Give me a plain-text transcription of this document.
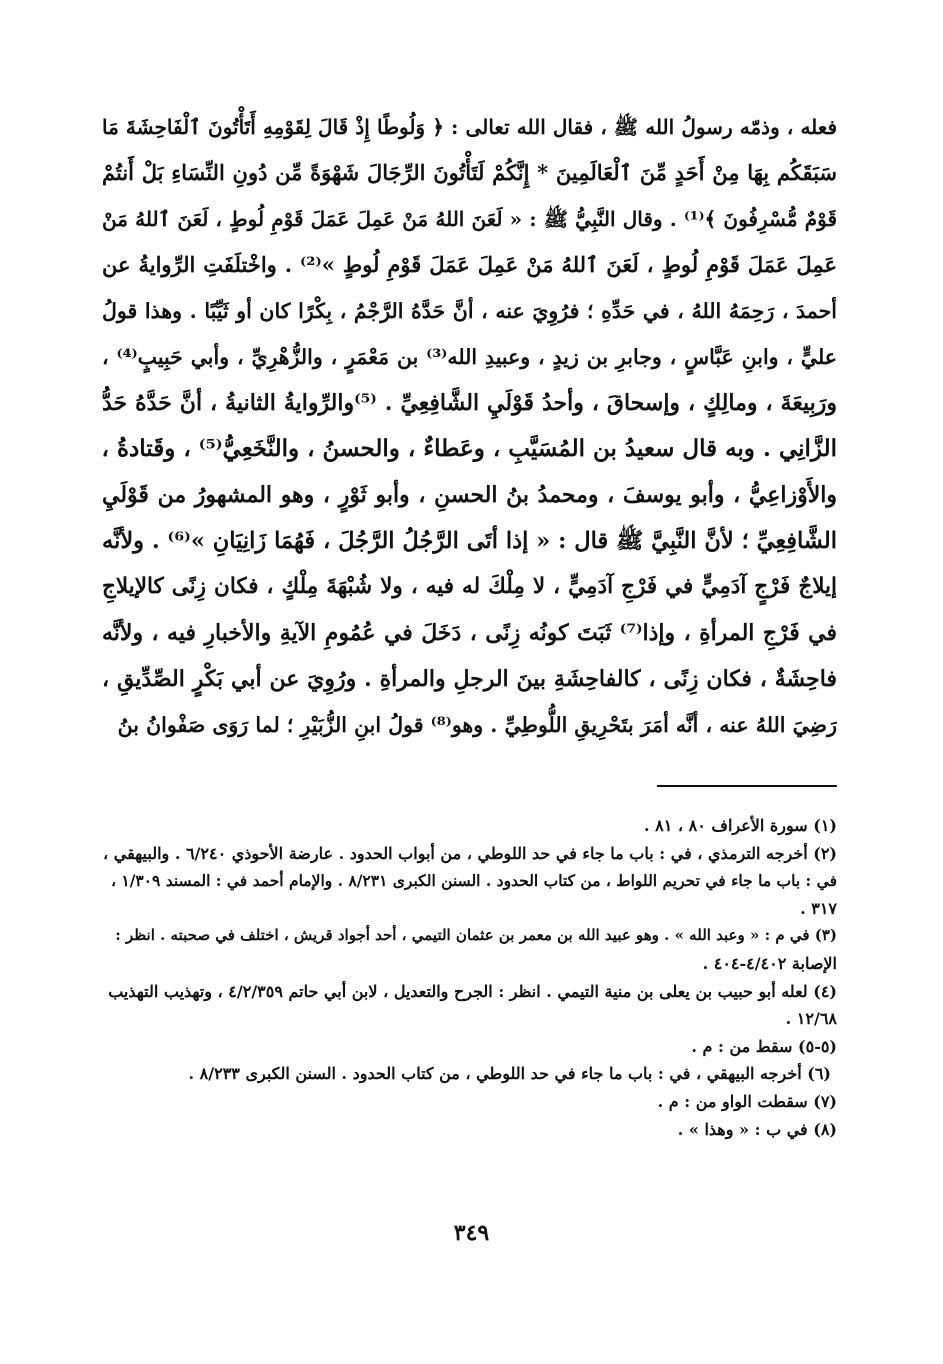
فعله ، وذمّه رسولُ الله ﷺ ، فقال الله تعالى : ﴿ وَلُوطًا إِذْ قَالَ لِقَوْمِهِ أَتَأْتُونَ ٱلْفَاحِشَةَ مَا
سَبَقَكُم بِهَا مِنْ أَحَدٍ مِّنَ ٱلْعَالَمِينَ * إِنَّكُمْ لَتَأْتُونَ الرِّجَالَ شَهْوَةً مِّن دُونِ النِّسَاءِ بَلْ أَنتُمْ
قَوْمٌ مُّسْرِفُونَ ﴾⁽¹⁾ . وقال النَّبِيُّ ﷺ : « لَعَنَ اللهُ مَنْ عَمِلَ عَمَلَ قَوْمِ لُوطٍ ، لَعَنَ ٱللهُ مَنْ
عَمِلَ عَمَلَ قَوْمِ لُوطٍ ، لَعَنَ ٱللهُ مَنْ عَمِلَ عَمَلَ قَوْمِ لُوطٍ »⁽²⁾ . واخْتلَفَتِ الرِّوايةُ عن
أحمدَ ، رَحِمَهُ اللهُ ، في حَدِّهِ ؛ فرُوِيَ عنه ، أنَّ حَدَّهُ الرَّجْمُ ، بِكْرًا كان أو ثَيِّبًا . وهذا قولُ
عليٍّ ، وابنِ عَبَّاسٍ ، وجابرِ بن زيدٍ ، وعبيدِ الله⁽³⁾ بن مَعْمَرٍ ، والزُّهْرِيِّ ، وأبي حَبِيبٍ⁽⁴⁾ ،
ورَبِيعَةَ ، ومالِكٍ ، وإسحاقَ ، وأحدُ قَوْلَيِ الشَّافِعِيِّ . ⁽⁵⁾والرِّوايةُ الثانيةُ ، أنَّ حَدَّهُ حَدُّ
الزَّانِي . وبه قال سعيدُ بن المُسَيَّبِ ، وعَطاءٌ ، والحسنُ ، والنَّخَعِيُّ⁽⁵⁾ ، وقَتادةُ ،
والأَوْزاعِيُّ ، وأبو يوسفَ ، ومحمدُ بنُ الحسنِ ، وأبو ثَوْرٍ ، وهو المشهورُ من قَوْلَيِ
الشَّافِعِيِّ ؛ لأنَّ النَّبِيَّ ﷺ قال : « إذا أتَى الرَّجُلُ الرَّجُلَ ، فَهُمَا زَانِيَانِ »⁽⁶⁾ . ولأنَّه
إيلاجٌ فَرْجٍ آدَمِيٍّ في فَرْجِ آدَمِيٍّ ، لا مِلْكَ له فيه ، ولا شُبْهَةَ مِلْكٍ ، فكان زِنًى كالإيلاجِ
في فَرْجِ المرأةِ ، وإذا⁽⁷⁾ ثَبَتَ كونُه زِنًى ، دَخَلَ في عُمُومِ الآيةِ والأخبارِ فيه ، ولأنَّه
فاحِشَةٌ ، فكان زِنًى ، كالفاحِشَةِ بينَ الرجلِ والمرأةِ . ورُوِيَ عن أبي بَكْرٍ الصِّدِّيقِ ،
رَضِيَ اللهُ عنه ، أنَّه أمَرَ بتَحْرِيقِ اللُّوطِيِّ . وهو⁽⁸⁾ قولُ ابنِ الزُّبَيْرِ ؛ لما رَوَى صَفْوانُ بنُ
(١) سورة الأعراف ٨٠ ، ٨١ .
(٢) أخرجه الترمذي ، في : باب ما جاء في حد اللوطي ، من أبواب الحدود . عارضة الأحوذي ٦/٢٤٠ . والبيهقي ،
في : باب ما جاء في تحريم اللواط ، من كتاب الحدود . السنن الكبرى ٨/٢٣١ . والإمام أحمد في : المسند ١/٣٠٩ ،
٣١٧ .
(٣) في م : « وعبد الله » . وهو عبيد الله بن معمر بن عثمان التيمي ، أحد أجواد قريش ، اختلف في صحبته . انظر :
الإصابة ٤/٤٠٢-٤٠٤ .
(٤) لعله أبو حبيب بن يعلى بن منية التيمي . انظر : الجرح والتعديل ، لابن أبي حاتم ٤/٢/٣٥٩ ، وتهذيب التهذيب
١٢/٦٨ .
(٥-٥) سقط من : م .
(٦) أخرجه البيهقي ، في : باب ما جاء في حد اللوطي ، من كتاب الحدود . السنن الكبرى ٨/٢٣٣ .
(٧) سقطت الواو من : م .
(٨) في ب : « وهذا » .
٣٤٩
